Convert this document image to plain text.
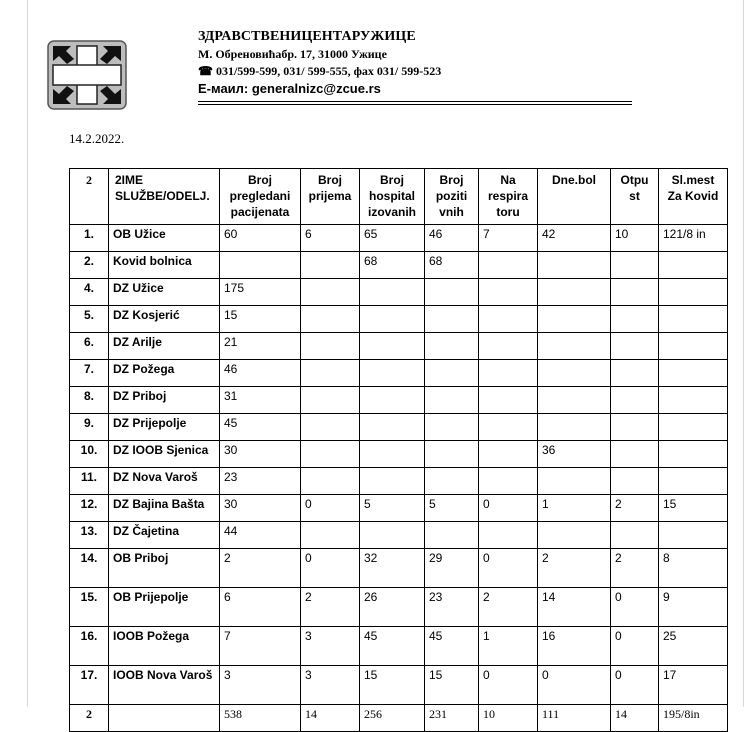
ЗДРАВСТВЕНИЦЕНТАРУЖИЦЕ
М. Обреновићабр. 17, 31000 Ужице
☎ 031/599-599, 031/ 599-555, фах 031/ 599-523
E-маил: generalnizc@zcue.rs
14.2.2022.
2	2IME SLUŽBE/ODELJ.	Broj pregledani pacijenata	Broj prijema	Broj hospital izovanih	Broj poziti vnih	Na respira toru	Dne.bol	Otpu st	Sl.mest Za Kovid
1.	OB Užice	60	6	65	46	7	42	10	121/8 in
2.	Kovid bolnica			68	68				
4.	DZ Užice	175							
5.	DZ Kosjerić	15							
6.	DZ Arilje	21							
7.	DZ Požega	46							
8.	DZ Priboj	31							
9.	DZ Prijepolje	45							
10.	DZ IOOB Sjenica	30					36		
11.	DZ Nova Varoš	23							
12.	DZ Bajina Bašta	30	0	5	5	0	1	2	15
13.	DZ Čajetina	44							
14.	OB Priboj	2	0	32	29	0	2	2	8
15.	OB Prijepolje	6	2	26	23	2	14	0	9
16.	IOOB Požega	7	3	45	45	1	16	0	25
17.	IOOB Nova Varoš	3	3	15	15	0	0	0	17
2		538	14	256	231	10	111	14	195/8in
